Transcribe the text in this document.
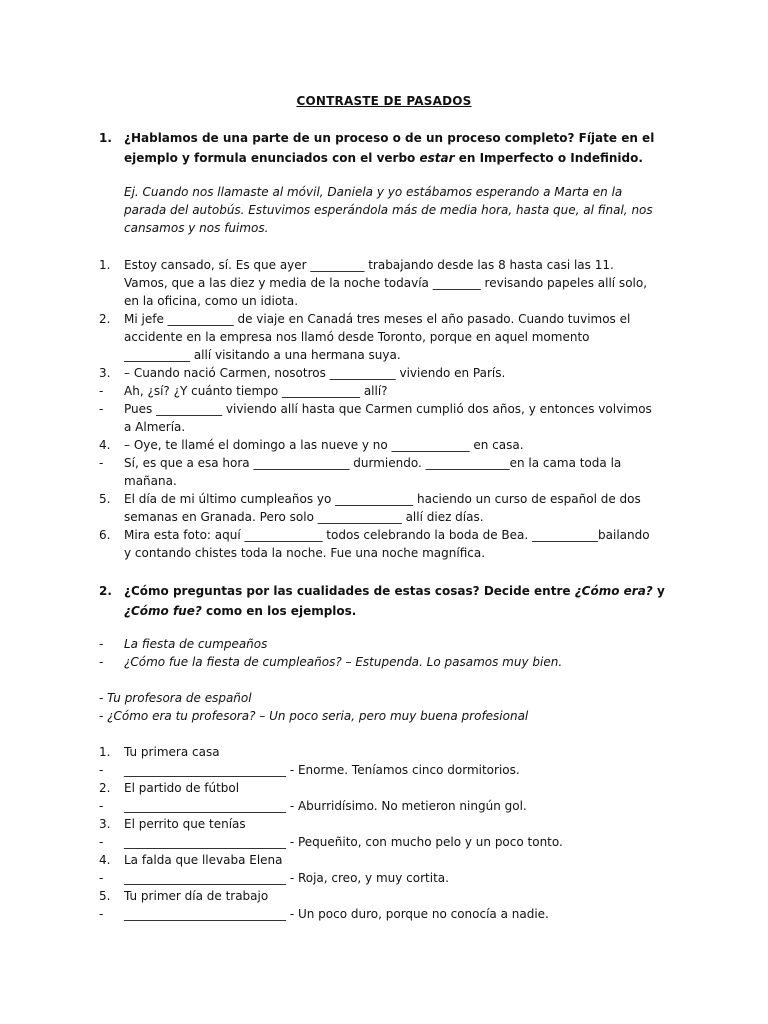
CONTRASTE DE PASADOS
1. ¿Hablamos de una parte de un proceso o de un proceso completo? Fíjate en el ejemplo y formula enunciados con el verbo estar en Imperfecto o Indefinido.
Ej. Cuando nos llamaste al móvil, Daniela y yo estábamos esperando a Marta en la parada del autobús. Estuvimos esperándola más de media hora, hasta que, al final, nos cansamos y nos fuimos.
1. Estoy cansado, sí. Es que ayer _________ trabajando desde las 8 hasta casi las 11. Vamos, que a las diez y media de la noche todavía ________ revisando papeles allí solo, en la oficina, como un idiota.
2. Mi jefe ___________ de viaje en Canadá tres meses el año pasado. Cuando tuvimos el accidente en la empresa nos llamó desde Toronto, porque en aquel momento ___________ allí visitando a una hermana suya.
3. – Cuando nació Carmen, nosotros ___________ viviendo en París.
- Ah, ¿sí? ¿Y cuánto tiempo _____________ allí?
- Pues ___________ viviendo allí hasta que Carmen cumplió dos años, y entonces volvimos a Almería.
4. – Oye, te llamé el domingo a las nueve y no _____________ en casa.
- Sí, es que a esa hora ________________ durmiendo. ______________en la cama toda la mañana.
5. El día de mi último cumpleaños yo _____________ haciendo un curso de español de dos semanas en Granada. Pero solo ______________ allí diez días.
6. Mira esta foto: aquí _____________ todos celebrando la boda de Bea. ___________bailando y contando chistes toda la noche. Fue una noche magnífica.
2. ¿Cómo preguntas por las cualidades de estas cosas? Decide entre ¿Cómo era? y ¿Cómo fue? como en los ejemplos.
- La fiesta de cumpeaños
- ¿Cómo fue la fiesta de cumpleaños? – Estupenda. Lo pasamos muy bien.
- Tu profesora de español
- ¿Cómo era tu profesora? – Un poco seria, pero muy buena profesional
1. Tu primera casa
- ___________________________ - Enorme. Teníamos cinco dormitorios.
2. El partido de fútbol
- ___________________________ - Aburridísimo. No metieron ningún gol.
3. El perrito que tenías
- ___________________________ - Pequeñito, con mucho pelo y un poco tonto.
4. La falda que llevaba Elena
- ___________________________ - Roja, creo, y muy cortita.
5. Tu primer día de trabajo
- ___________________________ - Un poco duro, porque no conocía a nadie.
